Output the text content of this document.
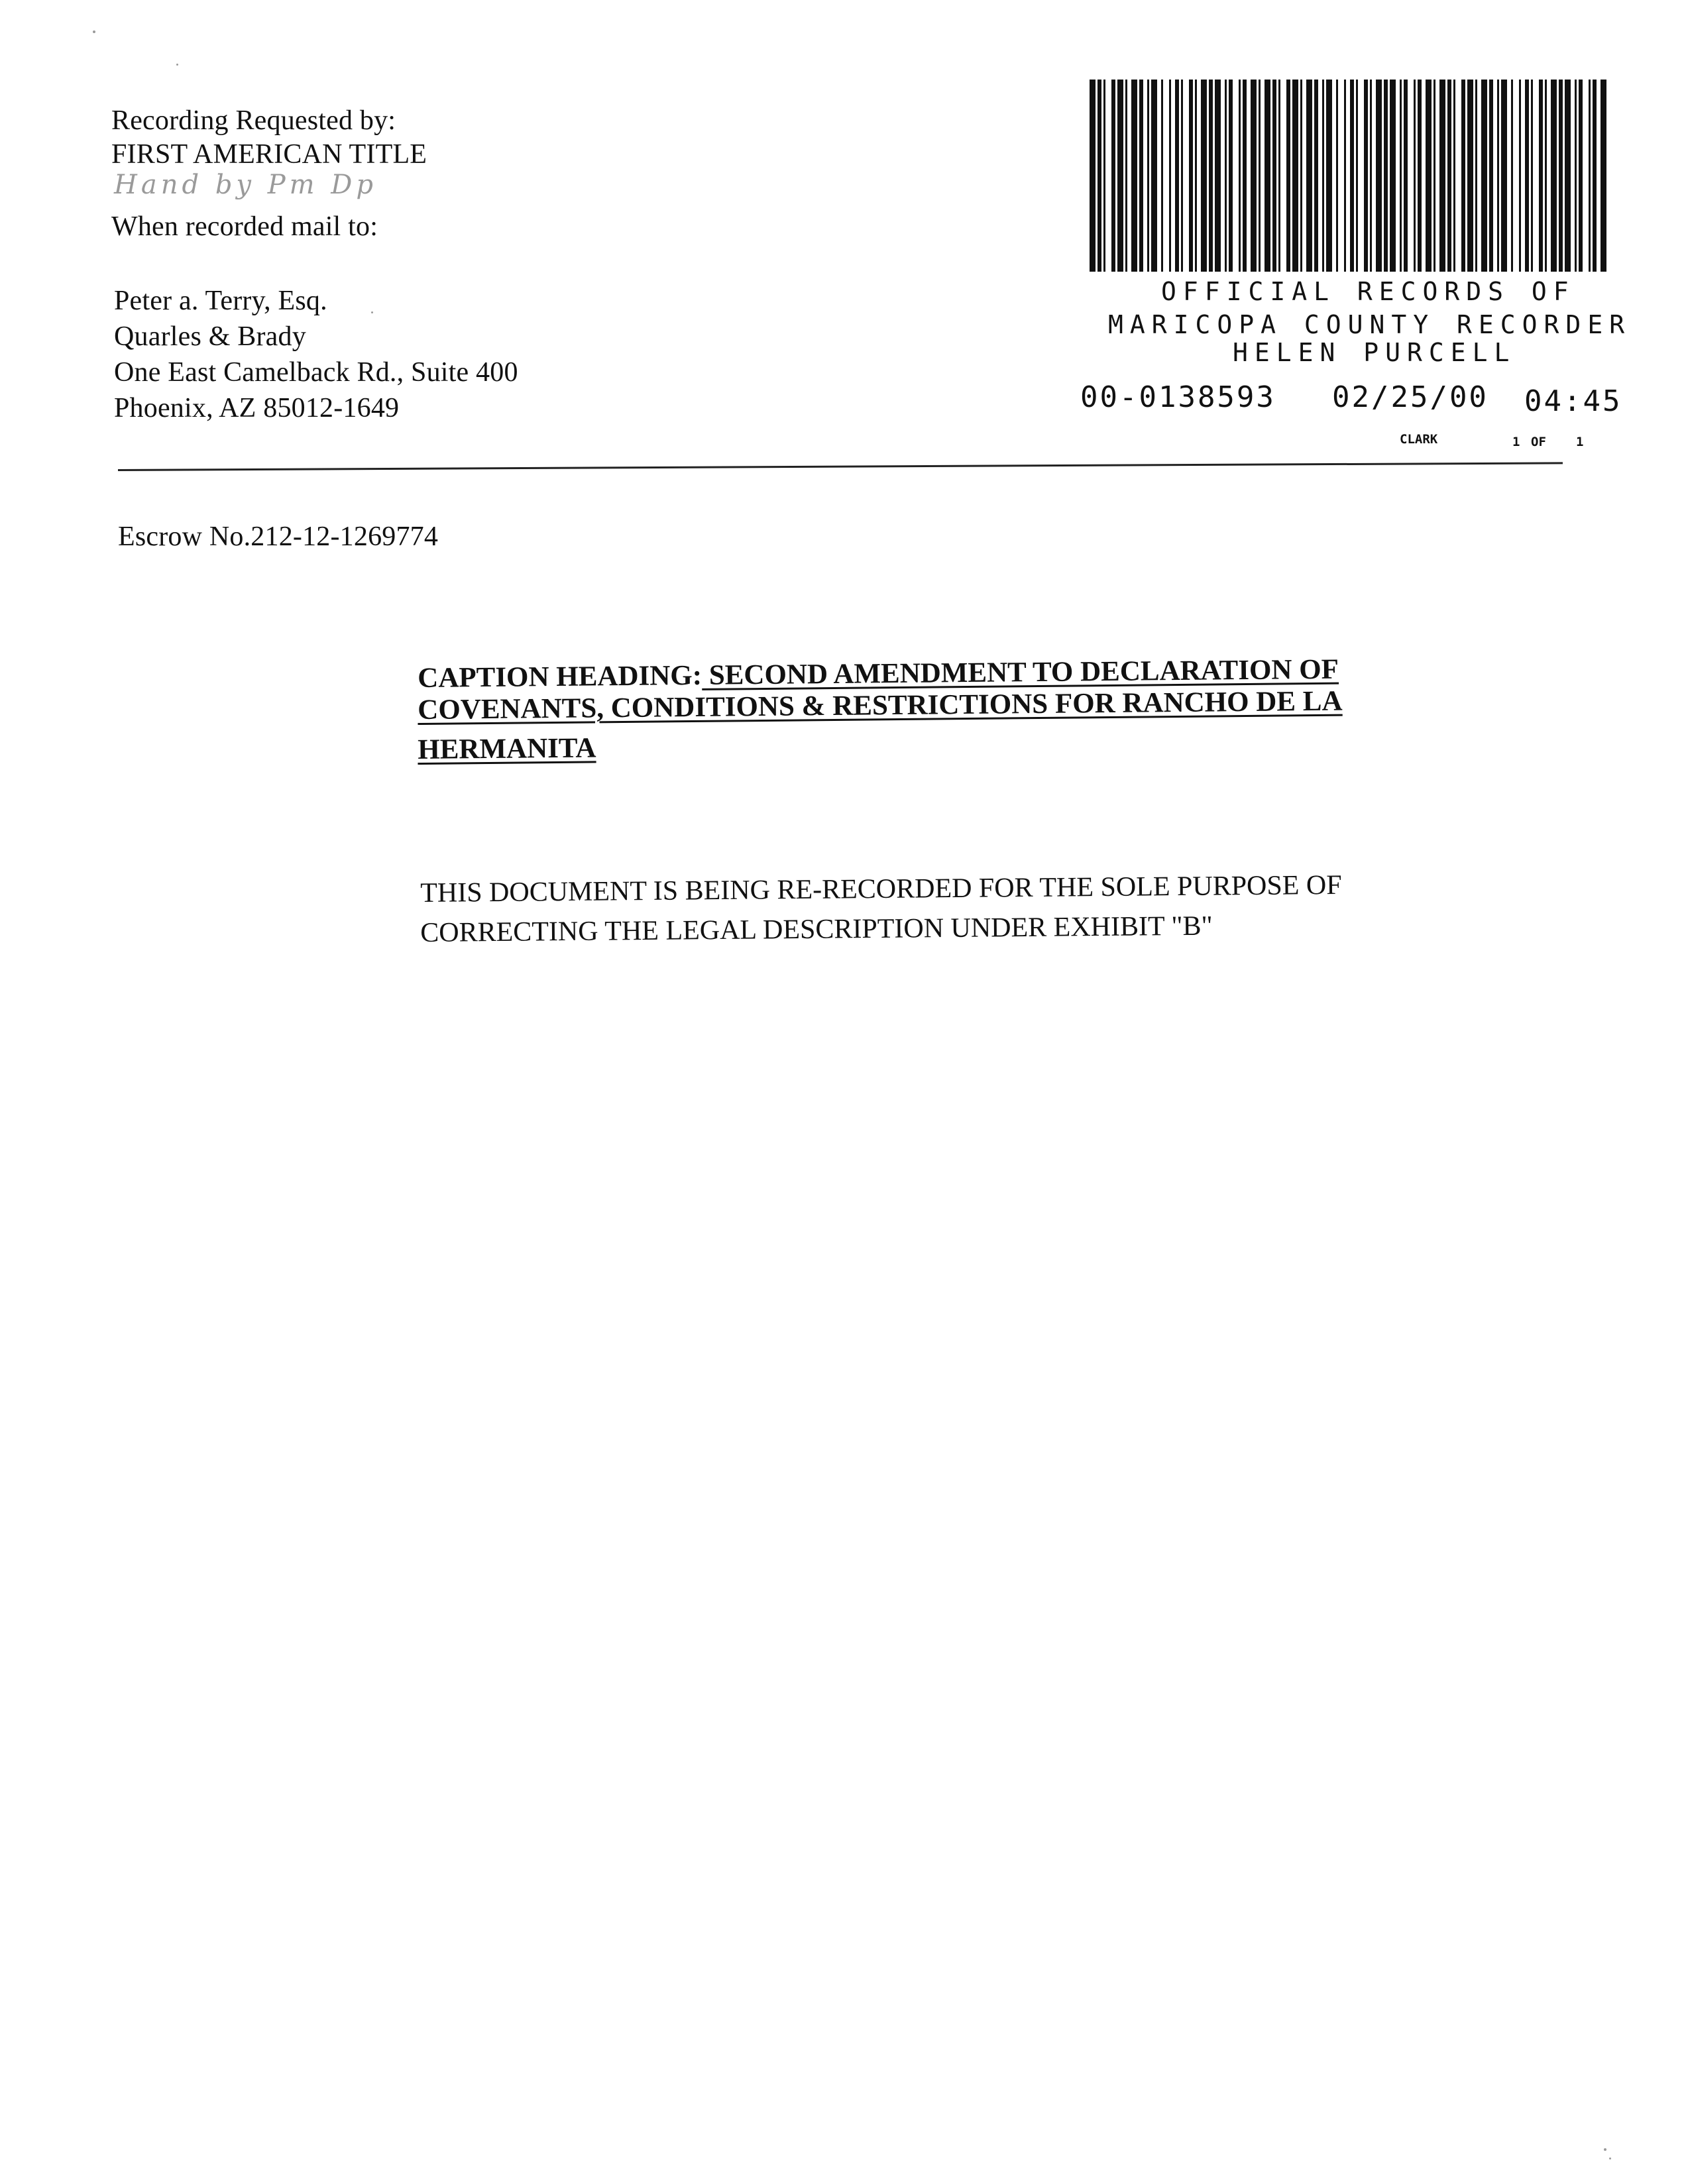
Recording Requested by:
FIRST AMERICAN TITLE
Hand by Pm Dp
When recorded mail to:
Peter a. Terry, Esq.
Quarles & Brady
One East Camelback Rd., Suite 400
Phoenix, AZ 85012-1649
OFFICIAL RECORDS OF
MARICOPA COUNTY RECORDER
HELEN PURCELL
00-0138593 02/25/00 04:45
CLARK	1 OF 1
Escrow No.212-12-1269774
CAPTION HEADING: SECOND AMENDMENT TO DECLARATION OF
COVENANTS, CONDITIONS & RESTRICTIONS FOR RANCHO DE LA
HERMANITA
THIS DOCUMENT IS BEING RE-RECORDED FOR THE SOLE PURPOSE OF
CORRECTING THE LEGAL DESCRIPTION UNDER EXHIBIT "B"
